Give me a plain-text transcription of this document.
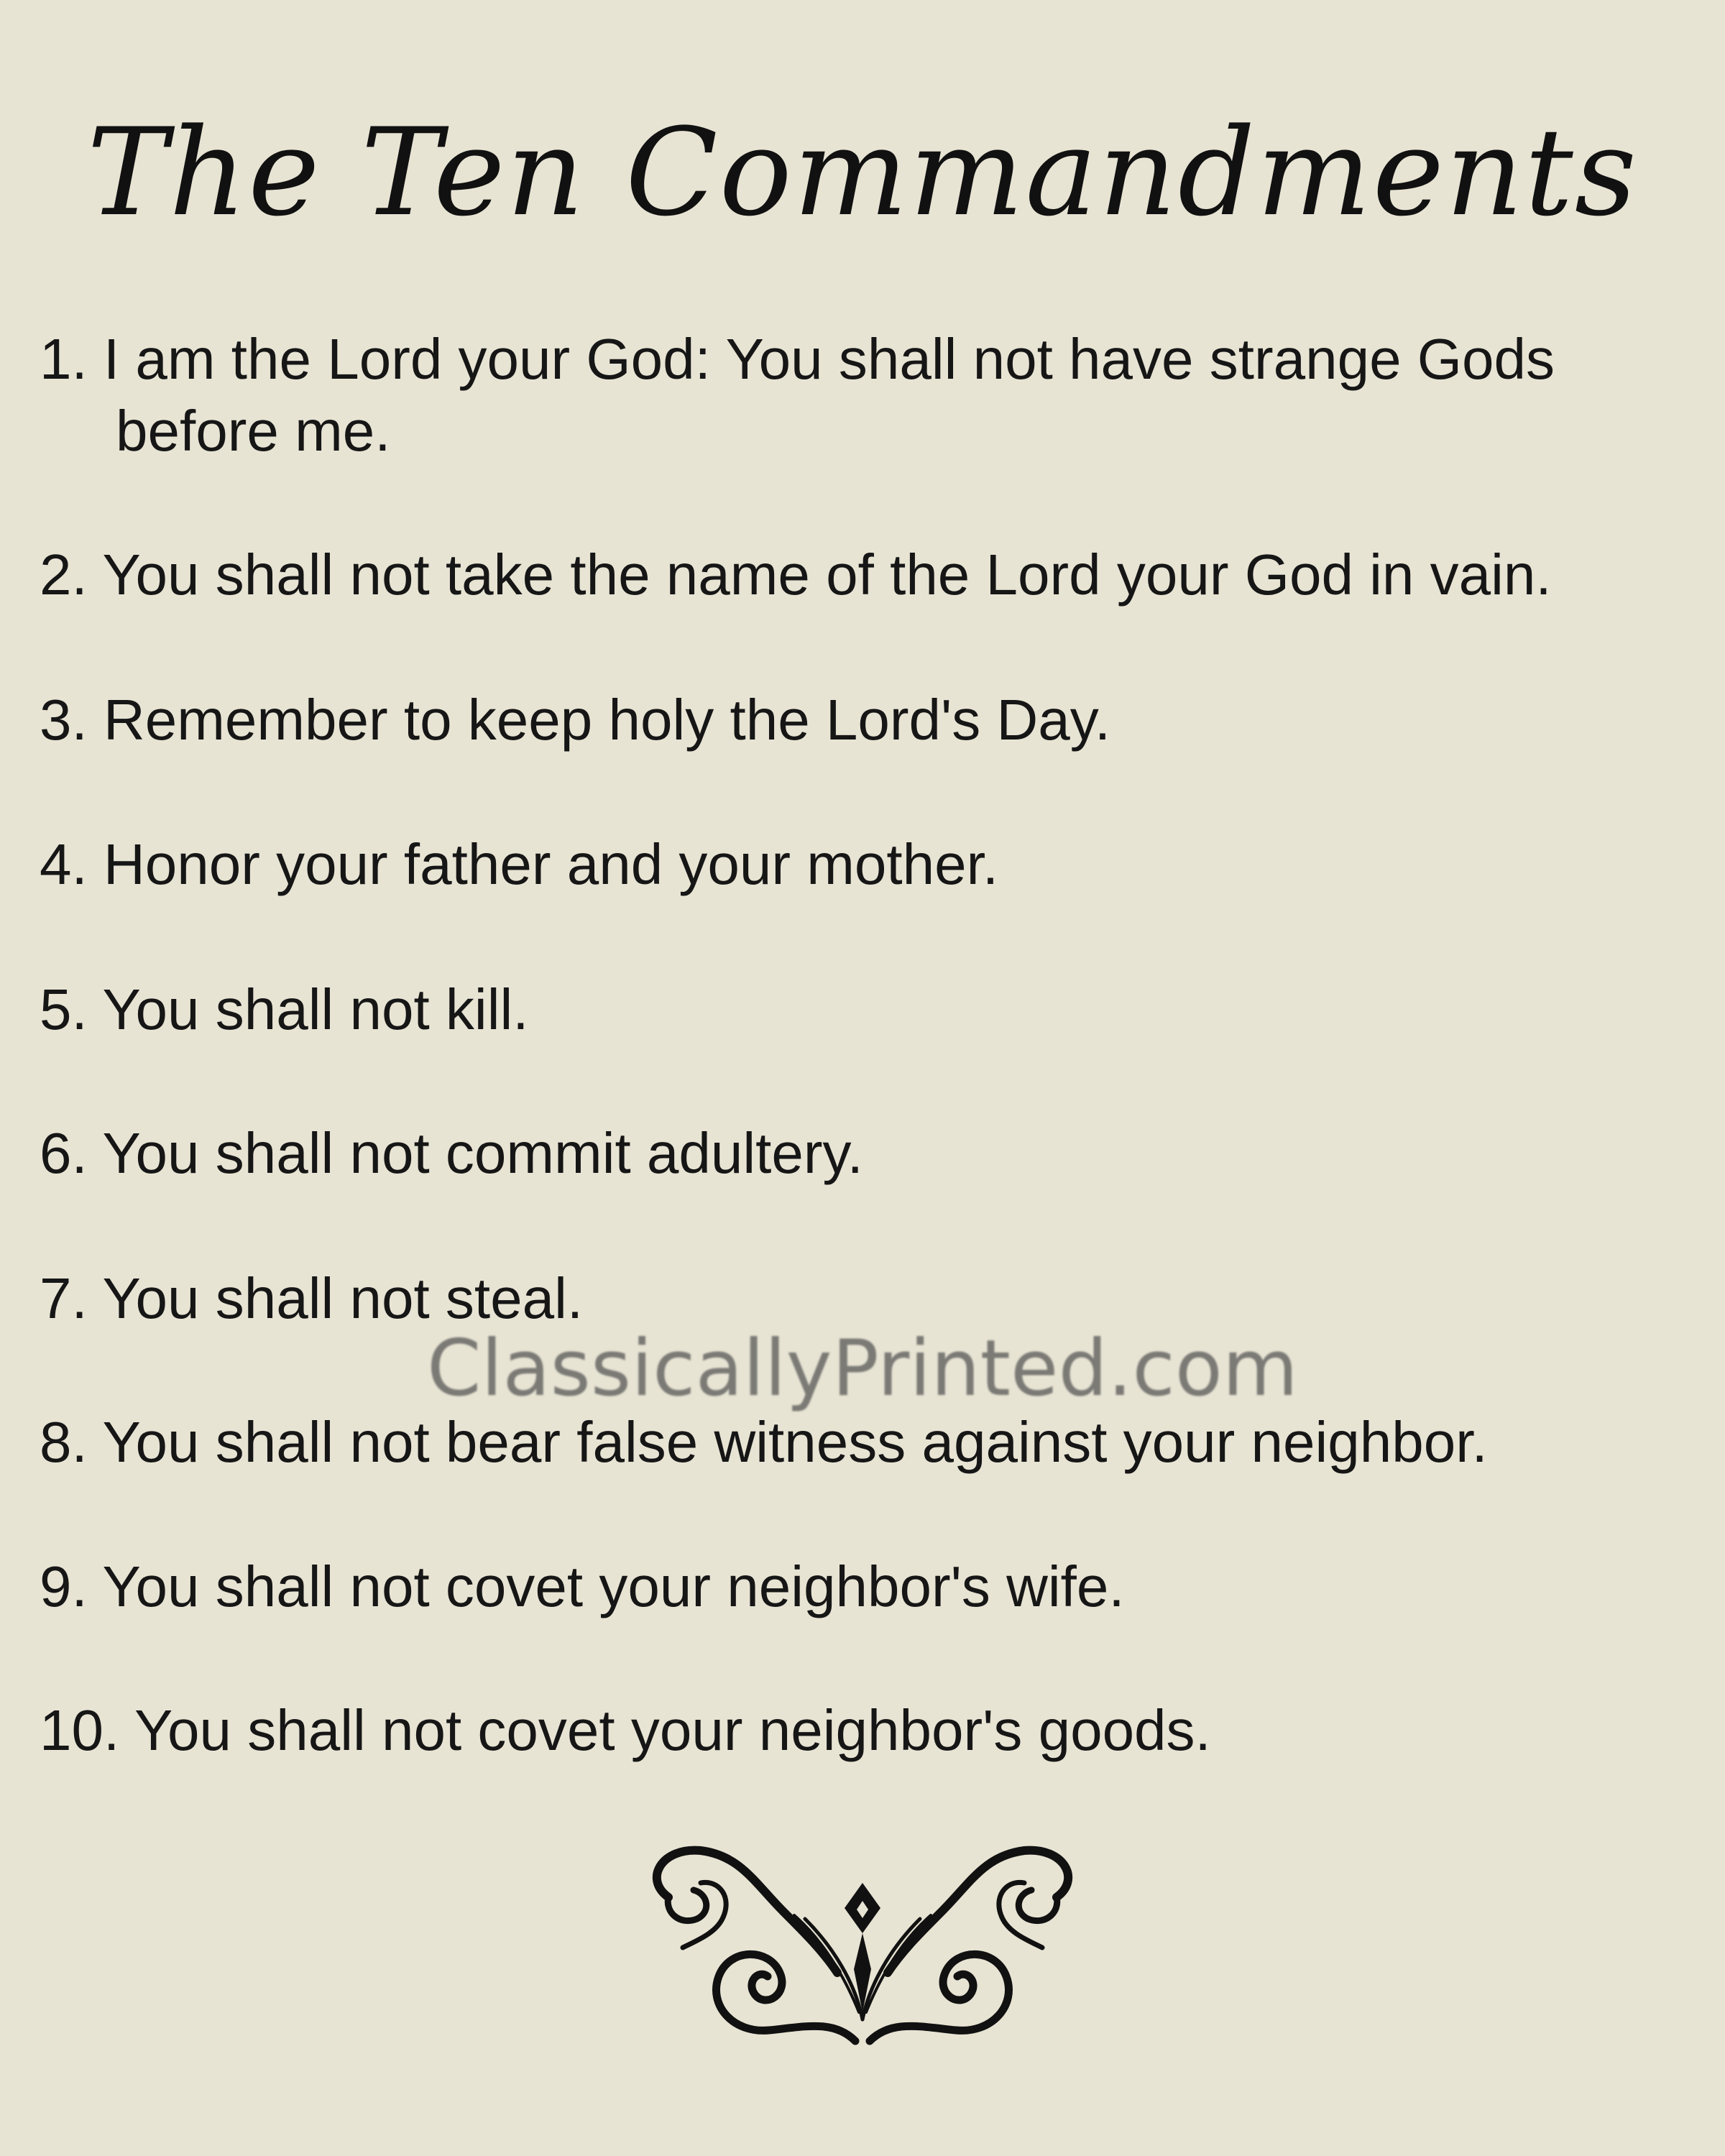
The Ten Commandments
1. I am the Lord your God: You shall not have strange Gods
before me.
2. You shall not take the name of the Lord your God in vain.
3. Remember to keep holy the Lord's Day.
4. Honor your father and your mother.
5. You shall not kill.
6. You shall not commit adultery.
7. You shall not steal.
8. You shall not bear false witness against your neighbor.
9. You shall not covet your neighbor's wife.
10. You shall not covet your neighbor's goods.
ClassicallyPrinted.com
